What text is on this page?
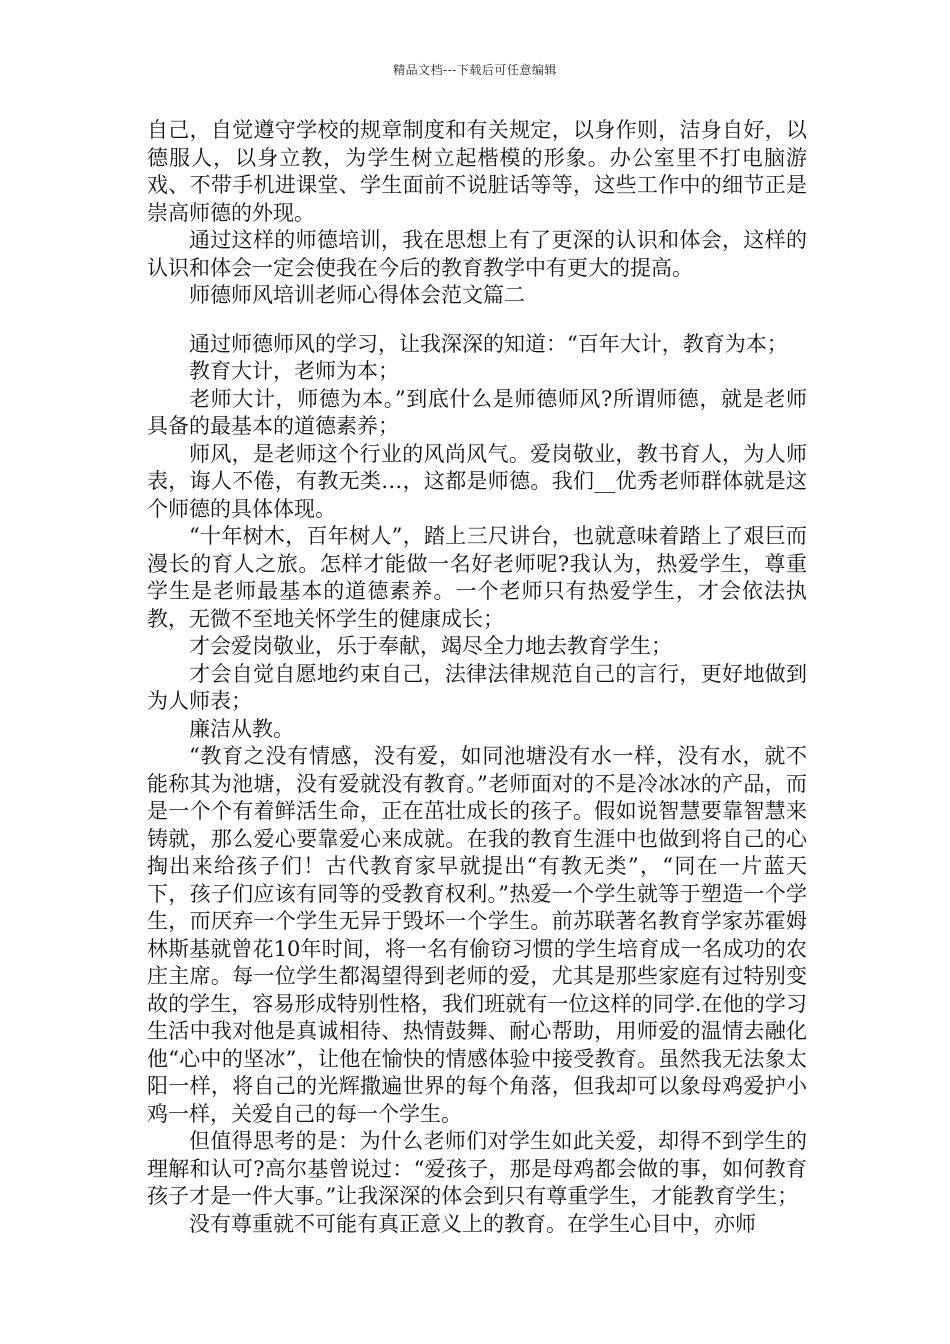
精品文档---下载后可任意编辑

自己，自觉遵守学校的规章制度和有关规定，以身作则，洁身自好，以德服人，以身立教，为学生树立起楷模的形象。办公室里不打电脑游戏、不带手机进课堂、学生面前不说脏话等等，这些工作中的细节正是崇高师德的外现。

通过这样的师德培训，我在思想上有了更深的认识和体会，这样的认识和体会一定会使我在今后的教育教学中有更大的提高。

师德师风培训老师心得体会范文篇二

通过师德师风的学习，让我深深的知道：“百年大计，教育为本；

教育大计，老师为本；

老师大计，师德为本。”到底什么是师德师风?所谓师德，就是老师具备的最基本的道德素养；

师风，是老师这个行业的风尚风气。爱岗敬业，教书育人，为人师表，诲人不倦，有教无类…，这都是师德。我们__优秀老师群体就是这个师德的具体体现。

“十年树木，百年树人”，踏上三尺讲台，也就意味着踏上了艰巨而漫长的育人之旅。怎样才能做一名好老师呢?我认为，热爱学生，尊重学生是老师最基本的道德素养。一个老师只有热爱学生，才会依法执教，无微不至地关怀学生的健康成长；

才会爱岗敬业，乐于奉献，竭尽全力地去教育学生；

才会自觉自愿地约束自己，法律法律规范自己的言行，更好地做到为人师表；

廉洁从教。

“教育之没有情感，没有爱，如同池塘没有水一样，没有水，就不能称其为池塘，没有爱就没有教育。”老师面对的不是冷冰冰的产品，而是一个个有着鲜活生命，正在茁壮成长的孩子。假如说智慧要靠智慧来铸就，那么爱心要靠爱心来成就。在我的教育生涯中也做到将自己的心掏出来给孩子们！古代教育家早就提出“有教无类”，“同在一片蓝天下，孩子们应该有同等的受教育权利。”热爱一个学生就等于塑造一个学生，而厌弃一个学生无异于毁坏一个学生。前苏联著名教育学家苏霍姆林斯基就曾花10年时间，将一名有偷窃习惯的学生培育成一名成功的农庄主席。每一位学生都渴望得到老师的爱，尤其是那些家庭有过特别变故的学生，容易形成特别性格，我们班就有一位这样的同学.在他的学习生活中我对他是真诚相待、热情鼓舞、耐心帮助，用师爱的温情去融化他“心中的坚冰”，让他在愉快的情感体验中接受教育。虽然我无法象太阳一样，将自己的光辉撒遍世界的每个角落，但我却可以象母鸡爱护小鸡一样，关爱自己的每一个学生。

但值得思考的是：为什么老师们对学生如此关爱，却得不到学生的理解和认可?高尔基曾说过：“爱孩子，那是母鸡都会做的事，如何教育孩子才是一件大事。”让我深深的体会到只有尊重学生，才能教育学生；

没有尊重就不可能有真正意义上的教育。在学生心目中，亦师
